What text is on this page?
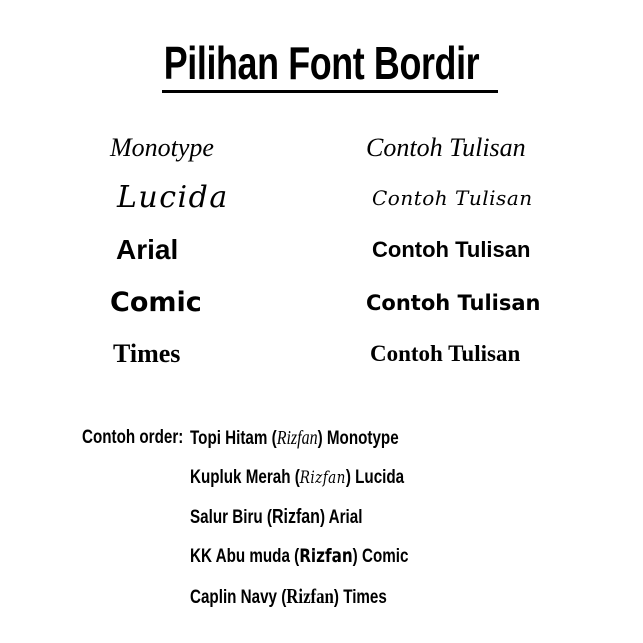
Pilihan Font Bordir
Monotype	Contoh Tulisan
Lucida	Contoh Tulisan
Arial	Contoh Tulisan
Comic	Contoh Tulisan
Times	Contoh Tulisan
Contoh order: Topi Hitam (Rizfan) Monotype
Kupluk Merah (Rizfan) Lucida
Salur Biru (Rizfan) Arial
KK Abu muda (Rizfan) Comic
Caplin Navy (Rizfan) Times
